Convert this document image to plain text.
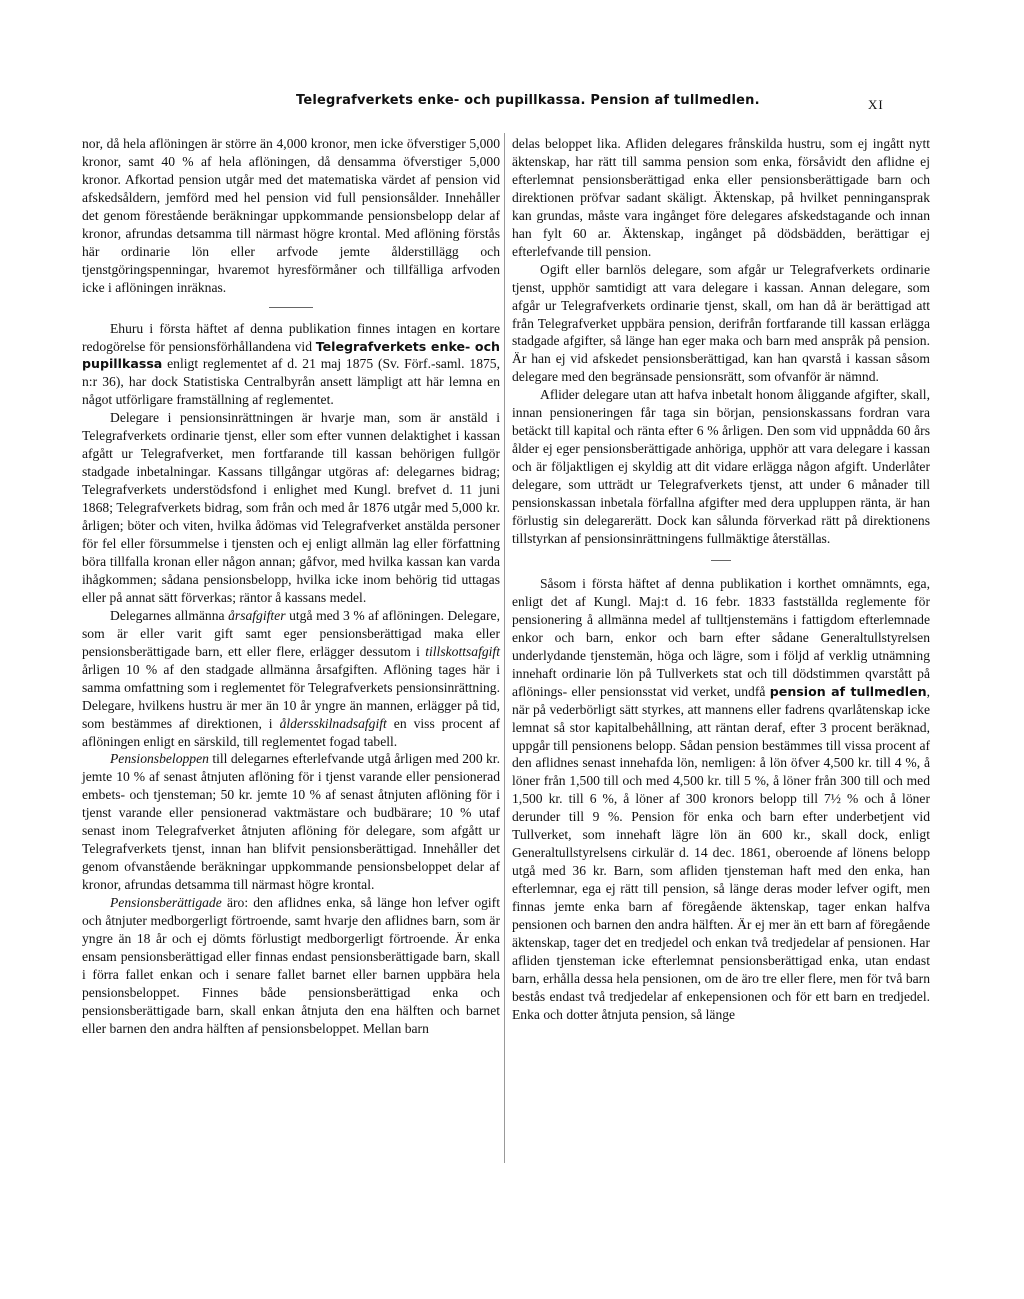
Telegrafverkets enke- och pupillkassa. Pension af tullmedlen.	XI

nor, då hela aflöningen är större än 4,000 kronor, men icke öfverstiger 5,000 kronor, samt 40 % af hela aflöningen, då densamma öfverstiger 5,000 kronor. Afkortad pension utgår med det matematiska värdet af pension vid afskedsåldern, jemförd med hel pension vid full pensionsålder. Innehåller det genom förestående beräkningar uppkommande pensionsbelopp delar af kronor, afrundas detsamma till närmast högre krontal. Med aflöning förstås här ordinarie lön eller arfvode jemte ålderstillägg och tjenstgöringspenningar, hvaremot hyresförmåner och tillfälliga arfvoden icke i aflöningen inräknas.

Ehuru i första häftet af denna publikation finnes intagen en kortare redogörelse för pensionsförhållandena vid Telegrafverkets enke- och pupillkassa enligt reglementet af d. 21 maj 1875 (Sv. Förf.-saml. 1875, n:r 36), har dock Statistiska Centralbyrån ansett lämpligt att här lemna en något utförligare framställning af reglementet.

Delegare i pensionsinrättningen är hvarje man, som är anstäld i Telegrafverkets ordinarie tjenst, eller som efter vunnen delaktighet i kassan afgått ur Telegrafverket, men fortfarande till kassan behörigen fullgör stadgade inbetalningar. Kassans tillgångar utgöras af: delegarnes bidrag; Telegrafverkets understödsfond i enlighet med Kungl. brefvet d. 11 juni 1868; Telegrafverkets bidrag, som från och med år 1876 utgår med 5,000 kr. årligen; böter och viten, hvilka ådömas vid Telegrafverket anstälda personer för fel eller försummelse i tjensten och ej enligt allmän lag eller författning böra tillfalla kronan eller någon annan; gåfvor, med hvilka kassan kan varda ihågkommen; sådana pensionsbelopp, hvilka icke inom behörig tid uttagas eller på annat sätt förverkas; räntor å kassans medel.

Delegarnes allmänna årsafgifter utgå med 3 % af aflöningen. Delegare, som är eller varit gift samt eger pensionsberättigad maka eller pensionsberättigade barn, ett eller flere, erlägger dessutom i tillskottsafgift årligen 10 % af den stadgade allmänna årsafgiften. Aflöning tages här i samma omfattning som i reglementet för Telegrafverkets pensionsinrättning. Delegare, hvilkens hustru är mer än 10 år yngre än mannen, erlägger på tid, som bestämmes af direktionen, i åldersskilnadsafgift en viss procent af aflöningen enligt en särskild, till reglementet fogad tabell.

Pensionsbeloppen till delegarnes efterlefvande utgå årligen med 200 kr. jemte 10 % af senast åtnjuten aflöning för i tjenst varande eller pensionerad embets- och tjensteman; 50 kr. jemte 10 % af senast åtnjuten aflöning för i tjenst varande eller pensionerad vaktmästare och budbärare; 10 % utaf senast inom Telegrafverket åtnjuten aflöning för delegare, som afgått ur Telegrafverkets tjenst, innan han blifvit pensionsberättigad. Innehåller det genom ofvanstående beräkningar uppkommande pensionsbeloppet delar af kronor, afrundas detsamma till närmast högre krontal.

Pensionsberättigade äro: den aflidnes enka, så länge hon lefver ogift och åtnjuter medborgerligt förtroende, samt hvarje den aflidnes barn, som är yngre än 18 år och ej dömts förlustigt medborgerligt förtroende. Är enka ensam pensionsberättigad eller finnas endast pensionsberättigade barn, skall i förra fallet enkan och i senare fallet barnet eller barnen uppbära hela pensionsbeloppet. Finnes både pensionsberättigad enka och pensionsberättigade barn, skall enkan åtnjuta den ena hälften och barnet eller barnen den andra hälften af pensionsbeloppet. Mellan barn

delas beloppet lika. Afliden delegares frånskilda hustru, som ej ingått nytt äktenskap, har rätt till samma pension som enka, försåvidt den aflidne ej efterlemnat pensionsberättigad enka eller pensionsberättigade barn och direktionen pröfvar sadant skäligt. Äktenskap, på hvilket penningansprak kan grundas, måste vara ingånget före delegares afskedstagande och innan han fylt 60 ar. Äktenskap, ingånget på dödsbädden, berättigar ej efterlefvande till pension.

Ogift eller barnlös delegare, som afgår ur Telegrafverkets ordinarie tjenst, upphör samtidigt att vara delegare i kassan. Annan delegare, som afgår ur Telegrafverkets ordinarie tjenst, skall, om han då är berättigad att från Telegrafverket uppbära pension, derifrån fortfarande till kassan erlägga stadgade afgifter, så länge han eger maka och barn med anspråk på pension. Är han ej vid afskedet pensionsberättigad, kan han qvarstå i kassan såsom delegare med den begränsade pensionsrätt, som ofvanför är nämnd.

Aflider delegare utan att hafva inbetalt honom åliggande afgifter, skall, innan pensioneringen får taga sin början, pensionskassans fordran vara betäckt till kapital och ränta efter 6 % årligen. Den som vid uppnådda 60 års ålder ej eger pensionsberättigade anhöriga, upphör att vara delegare i kassan och är följaktligen ej skyldig att dit vidare erlägga någon afgift. Underlåter delegare, som utträdt ur Telegrafverkets tjenst, att under 6 månader till pensionskassan inbetala förfallna afgifter med dera uppluppen ränta, är han förlustig sin delegarerätt. Dock kan sålunda förverkad rätt på direktionens tillstyrkan af pensionsinrättningens fullmäktige återställas.

Såsom i första häftet af denna publikation i korthet omnämnts, ega, enligt det af Kungl. Maj:t d. 16 febr. 1833 fastställda reglemente för pensionering å allmänna medel af tulltjenstemäns i fattigdom efterlemnade enkor och barn, enkor och barn efter sådane Generaltullstyrelsen underlydande tjenstemän, höga och lägre, som i följd af verklig utnämning innehaft ordinarie lön på Tullverkets stat och till dödstimmen qvarstått på aflönings- eller pensionsstat vid verket, undfå pension af tullmedlen, när på vederbörligt sätt styrkes, att mannens eller fadrens qvarlåtenskap icke lemnat så stor kapitalbehållning, att räntan deraf, efter 3 procent beräknad, uppgår till pensionens belopp. Sådan pension bestämmes till vissa procent af den aflidnes senast innehafda lön, nemligen: å lön öfver 4,500 kr. till 4 %, å löner från 1,500 till och med 4,500 kr. till 5 %, å löner från 300 till och med 1,500 kr. till 6 %, å löner af 300 kronors belopp till 7½ % och å löner derunder till 9 %. Pension för enka och barn efter underbetjent vid Tullverket, som innehaft lägre lön än 600 kr., skall dock, enligt Generaltullstyrelsens cirkulär d. 14 dec. 1861, oberoende af lönens belopp utgå med 36 kr. Barn, som afliden tjensteman haft med den enka, han efterlemnar, ega ej rätt till pension, så länge deras moder lefver ogift, men finnas jemte enka barn af föregående äktenskap, tager enkan halfva pensionen och barnen den andra hälften. Är ej mer än ett barn af föregående äktenskap, tager det en tredjedel och enkan två tredjedelar af pensionen. Har afliden tjensteman icke efterlemnat pensionsberättigad enka, utan endast barn, erhålla dessa hela pensionen, om de äro tre eller flere, men för två barn bestås endast två tredjedelar af enkepensionen och för ett barn en tredjedel. Enka och dotter åtnjuta pension, så länge
